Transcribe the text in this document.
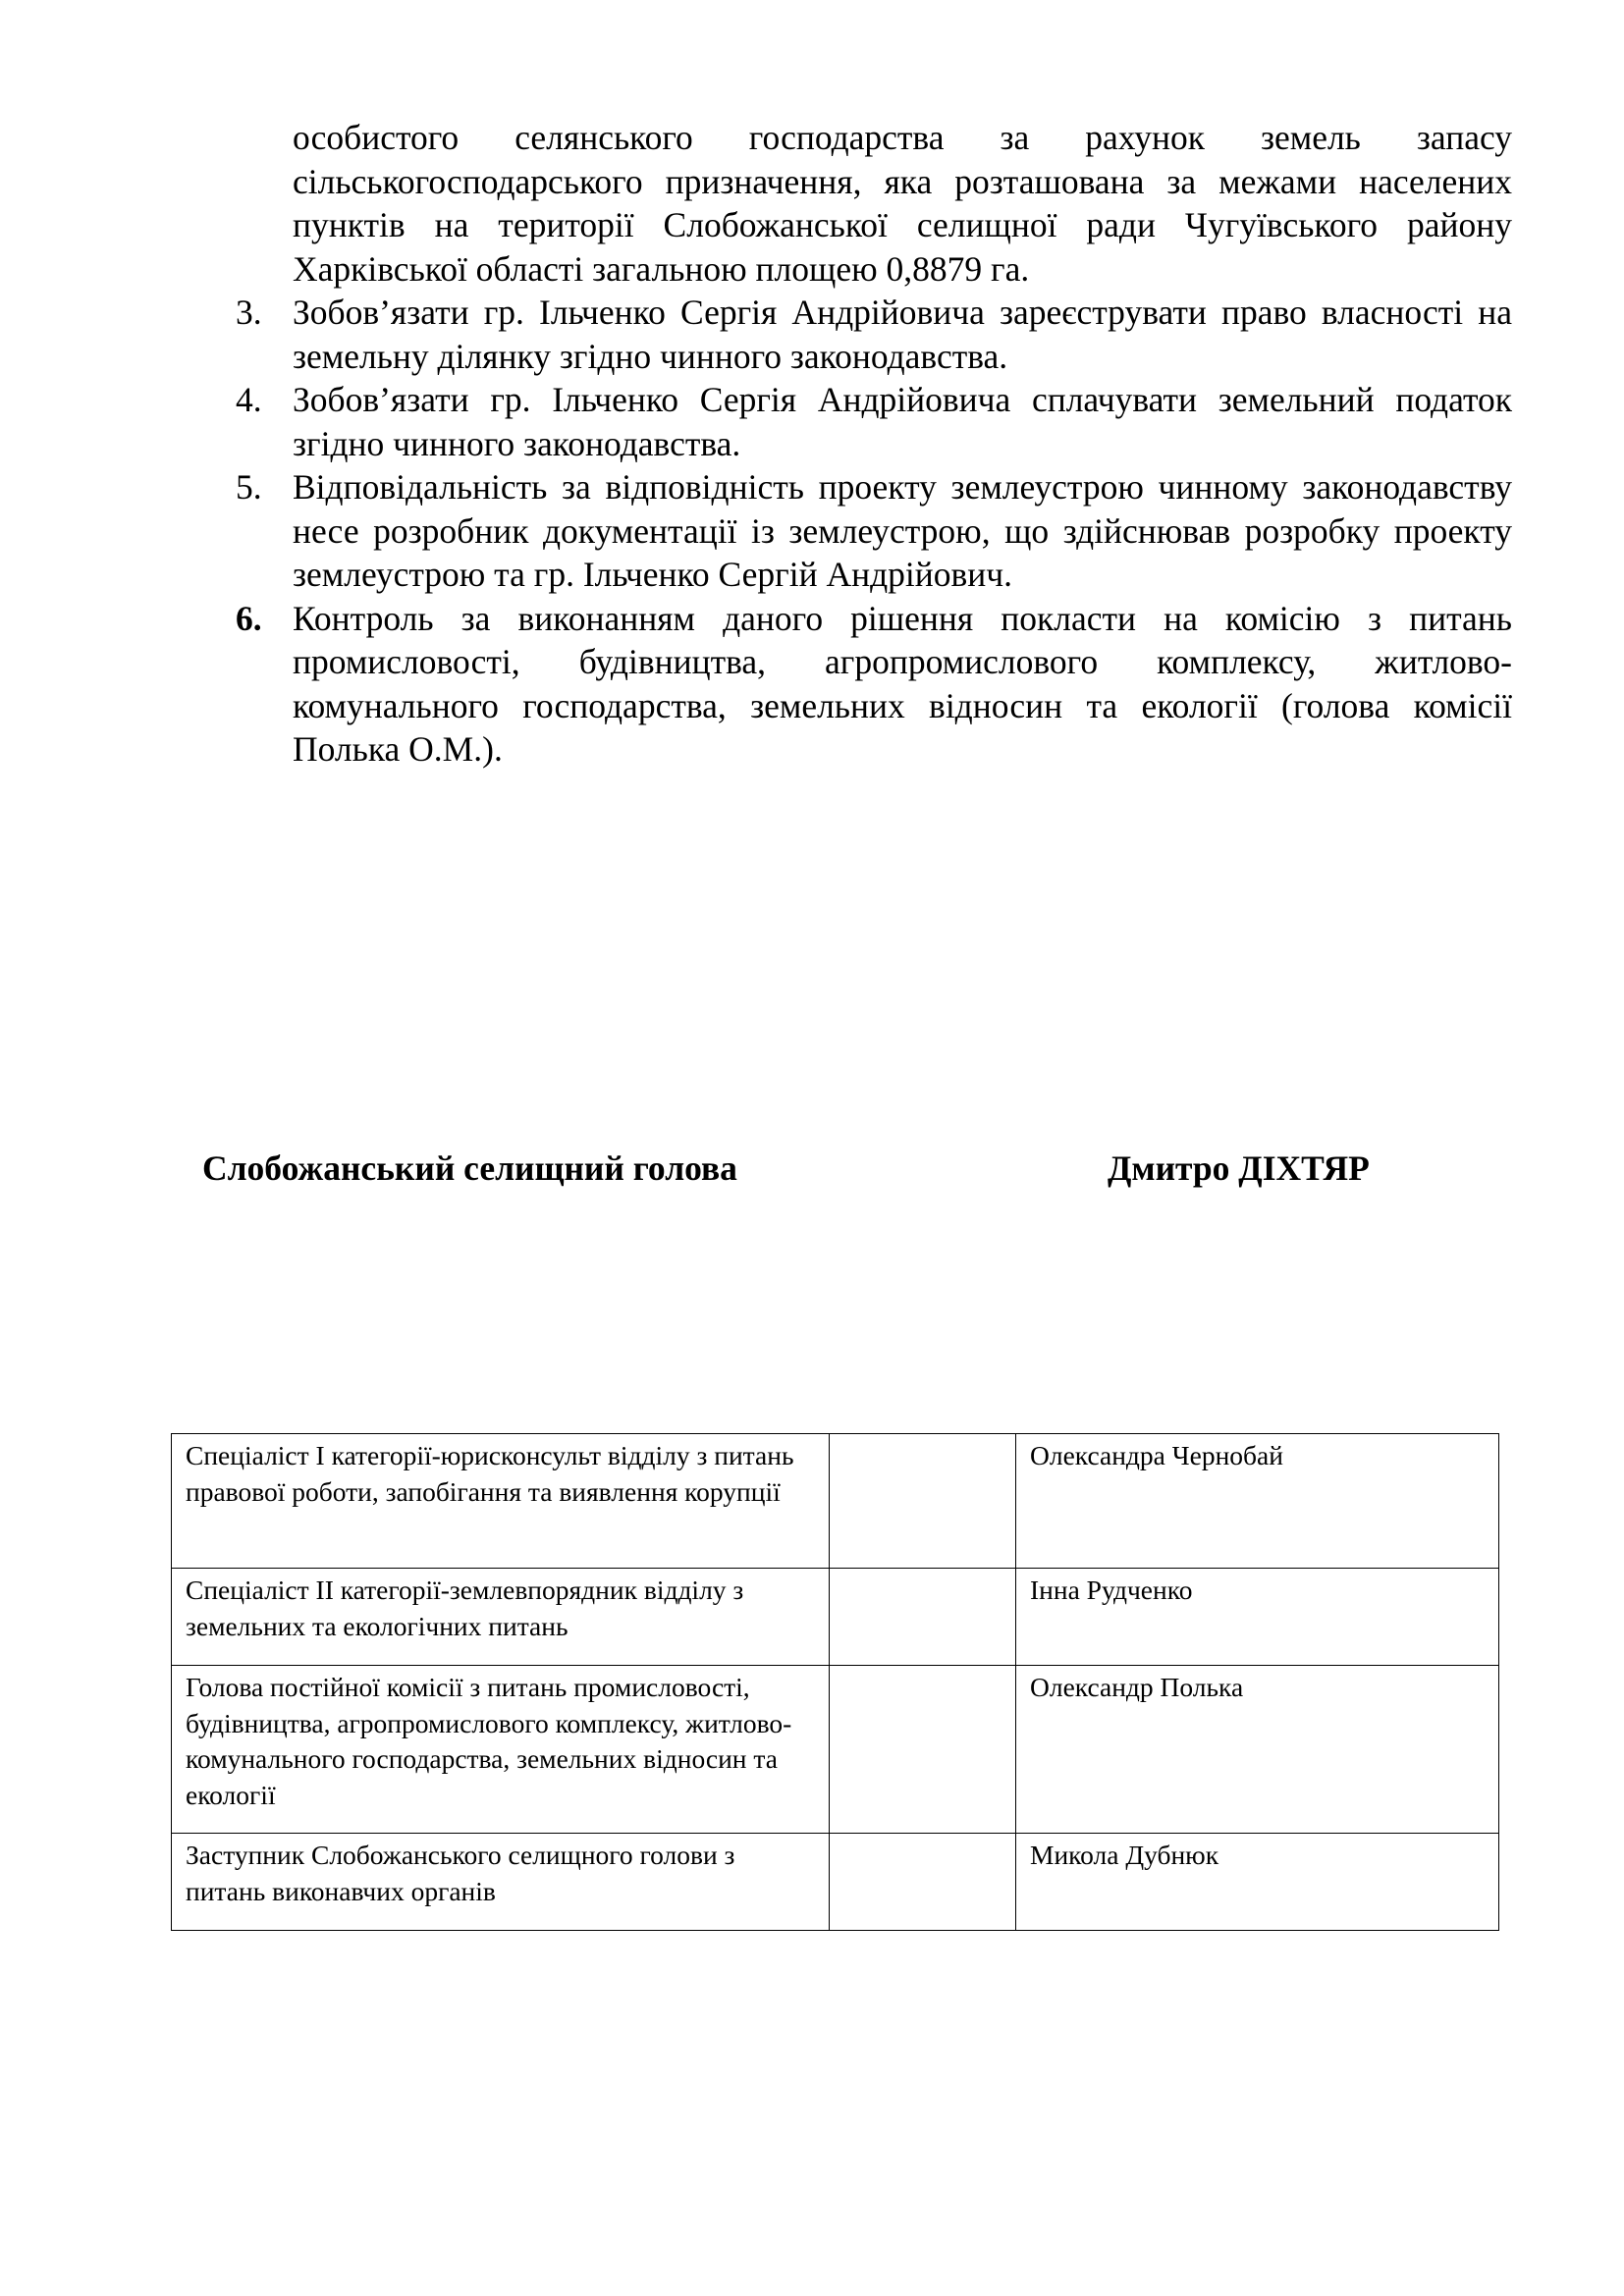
особистого селянського господарства за рахунок земель запасу сільськогосподарського призначення, яка розташована за межами населених пунктів на території Слобожанської селищної ради Чугуївського району Харківської області загальною площею 0,8879 га.
3. Зобов’язати гр. Ільченко Сергія Андрійовича зареєструвати право власності на земельну ділянку згідно чинного законодавства.
4. Зобов’язати гр. Ільченко Сергія Андрійовича сплачувати земельний податок згідно чинного законодавства.
5. Відповідальність за відповідність проекту землеустрою чинному законодавству несе розробник документації із землеустрою, що здійснював розробку проекту землеустрою та гр. Ільченко Сергій Андрійович.
6. Контроль за виконанням даного рішення покласти на комісію з питань промисловості, будівництва, агропромислового комплексу, житлово-комунального господарства, земельних відносин та екології (голова комісії Полька О.М.).
Слобожанський селищний голова	Дмитро ДІХТЯР
Спеціаліст І категорії-юрисконсульт відділу з питань правової роботи, запобігання та виявлення корупції		Олександра Чернобай
Спеціаліст ІІ категорії-землевпорядник відділу з земельних та екологічних питань		Інна Рудченко
Голова постійної комісії з питань промисловості, будівництва, агропромислового комплексу, житлово-комунального господарства, земельних відносин та екології		Олександр Полька
Заступник Слобожанського селищного голови з питань виконавчих органів		Микола Дубнюк
